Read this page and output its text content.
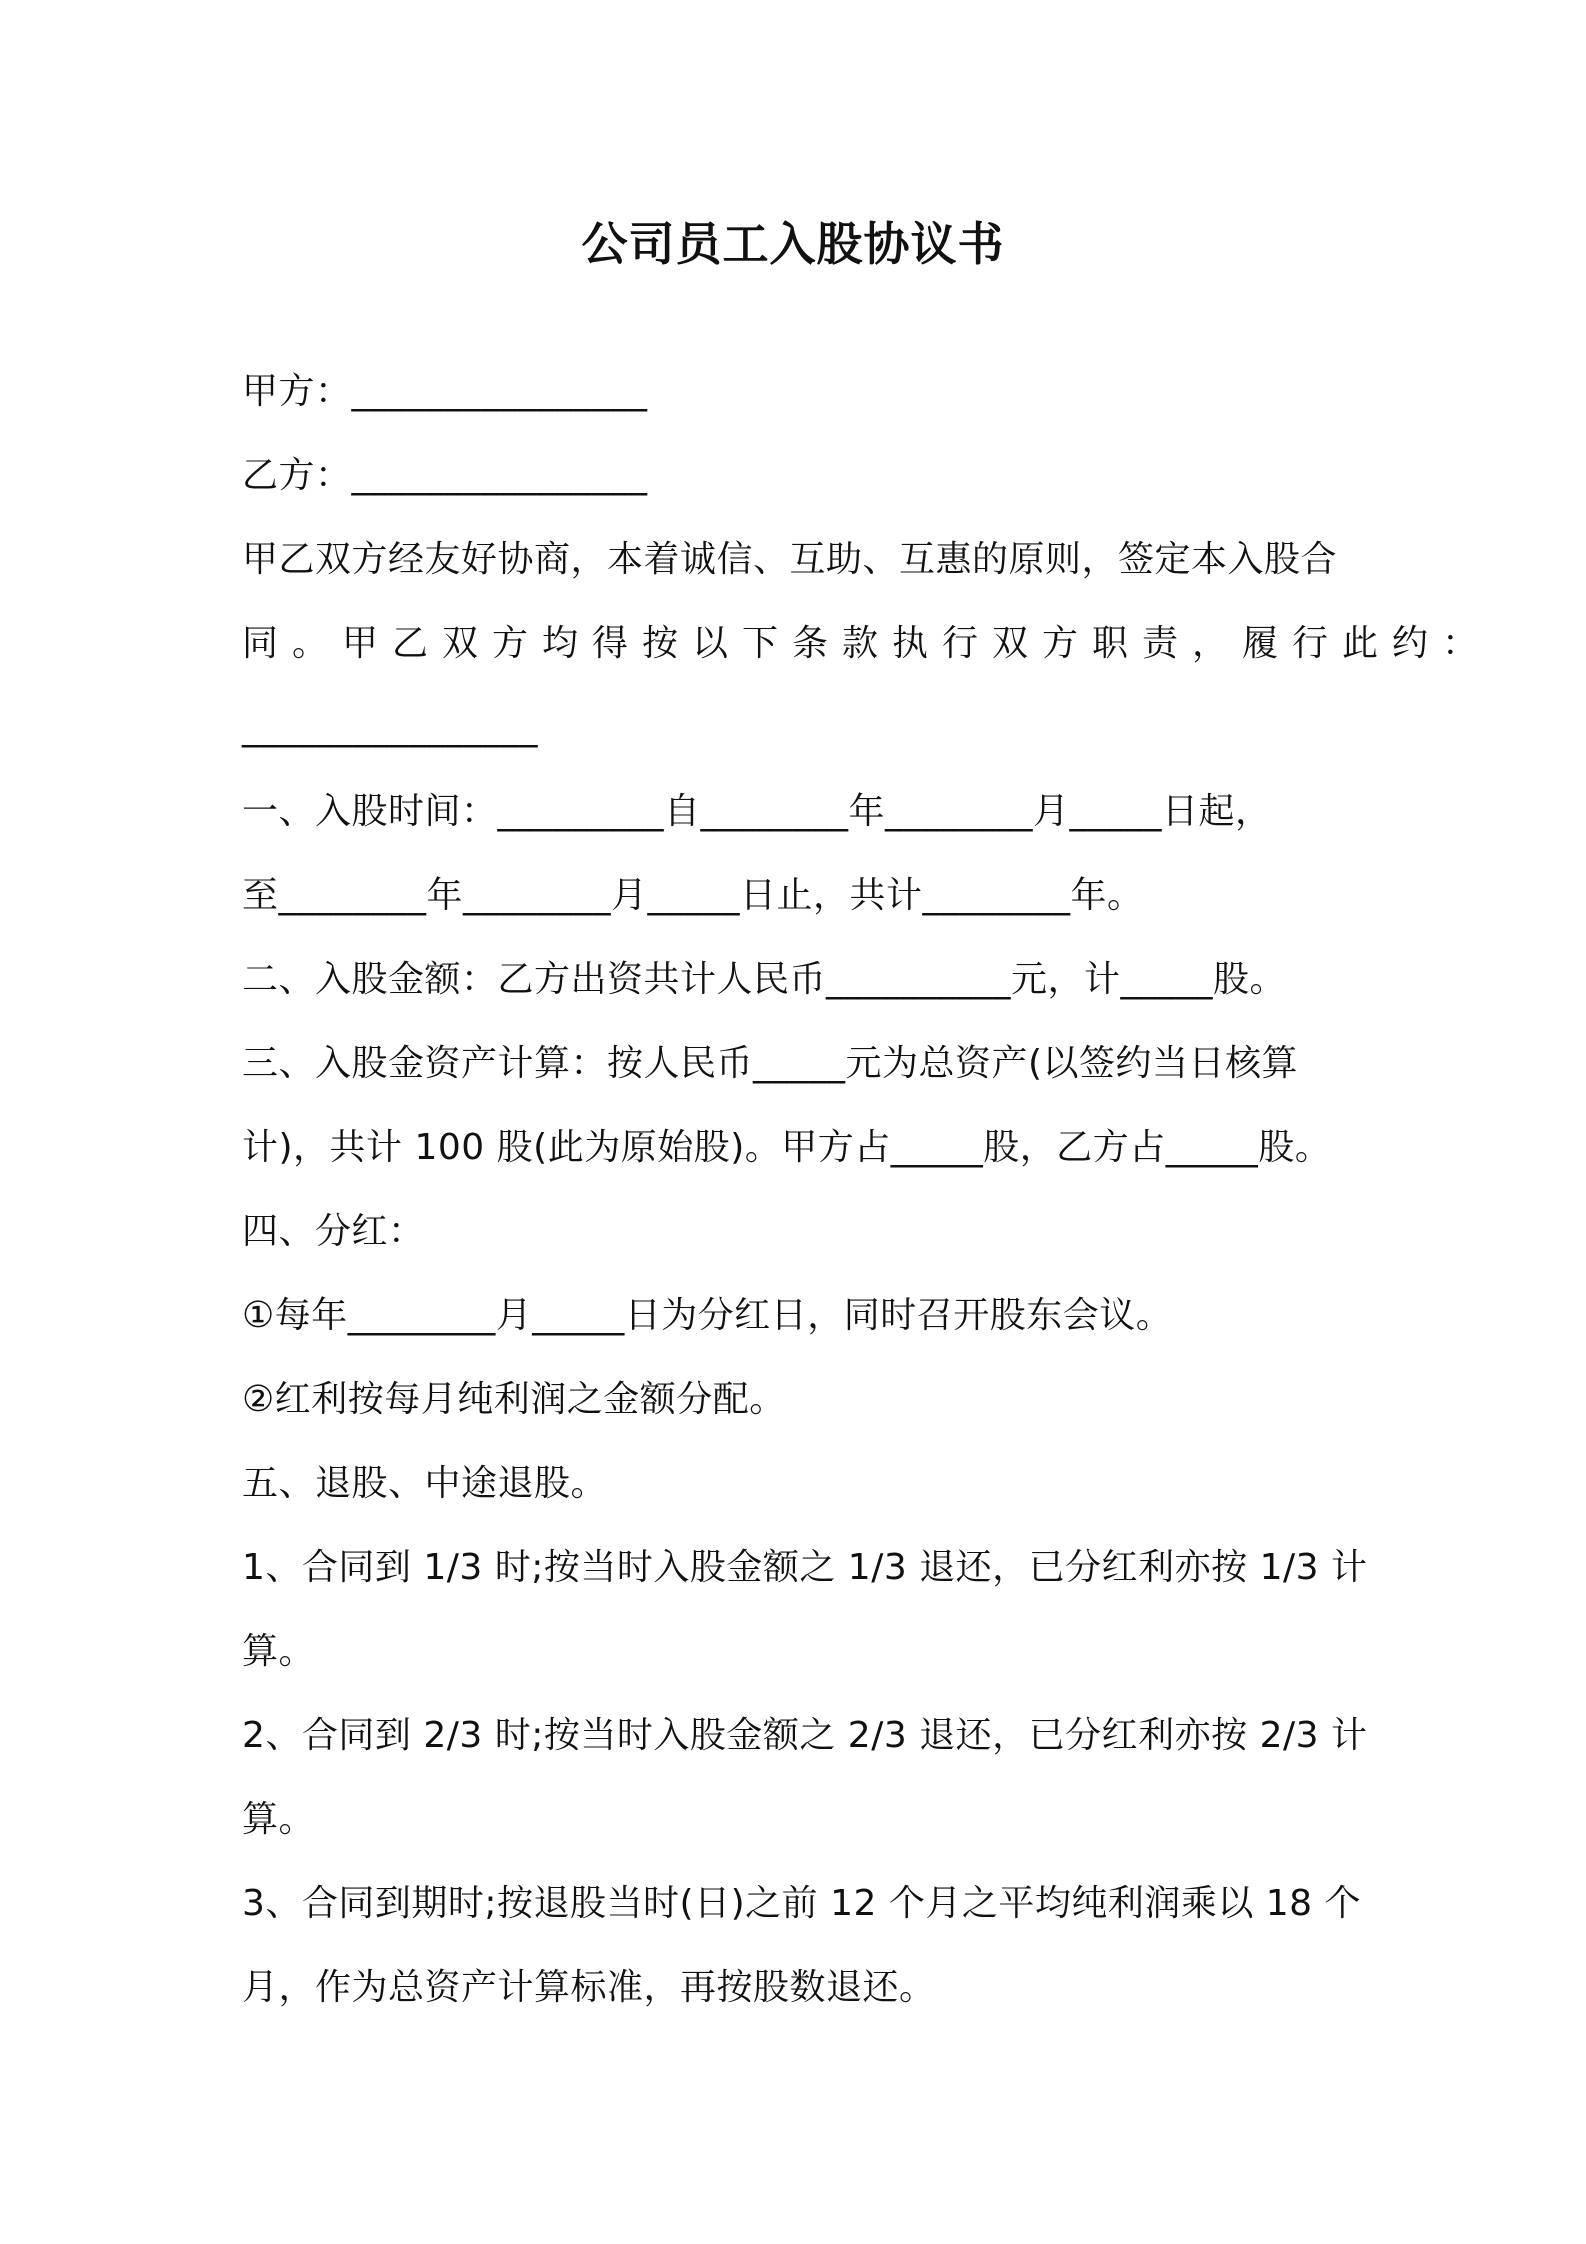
公司员工入股协议书
甲方：________________
乙方：________________
甲乙双方经友好协商，本着诚信、互助、互惠的原则，签定本入股合
同。甲乙双方均得按以下条款执行双方职责，履行此约：
________________
一、入股时间：_________自________年________月_____日起，
至________年________月_____日止，共计________年。
二、入股金额：乙方出资共计人民币__________元，计_____股。
三、入股金资产计算：按人民币_____元为总资产(以签约当日核算
计)，共计 100 股(此为原始股)。甲方占_____股，乙方占_____股。
四、分红：
①每年________月_____日为分红日，同时召开股东会议。
②红利按每月纯利润之金额分配。
五、退股、中途退股。
1、合同到 1/3 时;按当时入股金额之 1/3 退还，已分红利亦按 1/3 计
算。
2、合同到 2/3 时;按当时入股金额之 2/3 退还，已分红利亦按 2/3 计
算。
3、合同到期时;按退股当时(日)之前 12 个月之平均纯利润乘以 18 个
月，作为总资产计算标准，再按股数退还。
